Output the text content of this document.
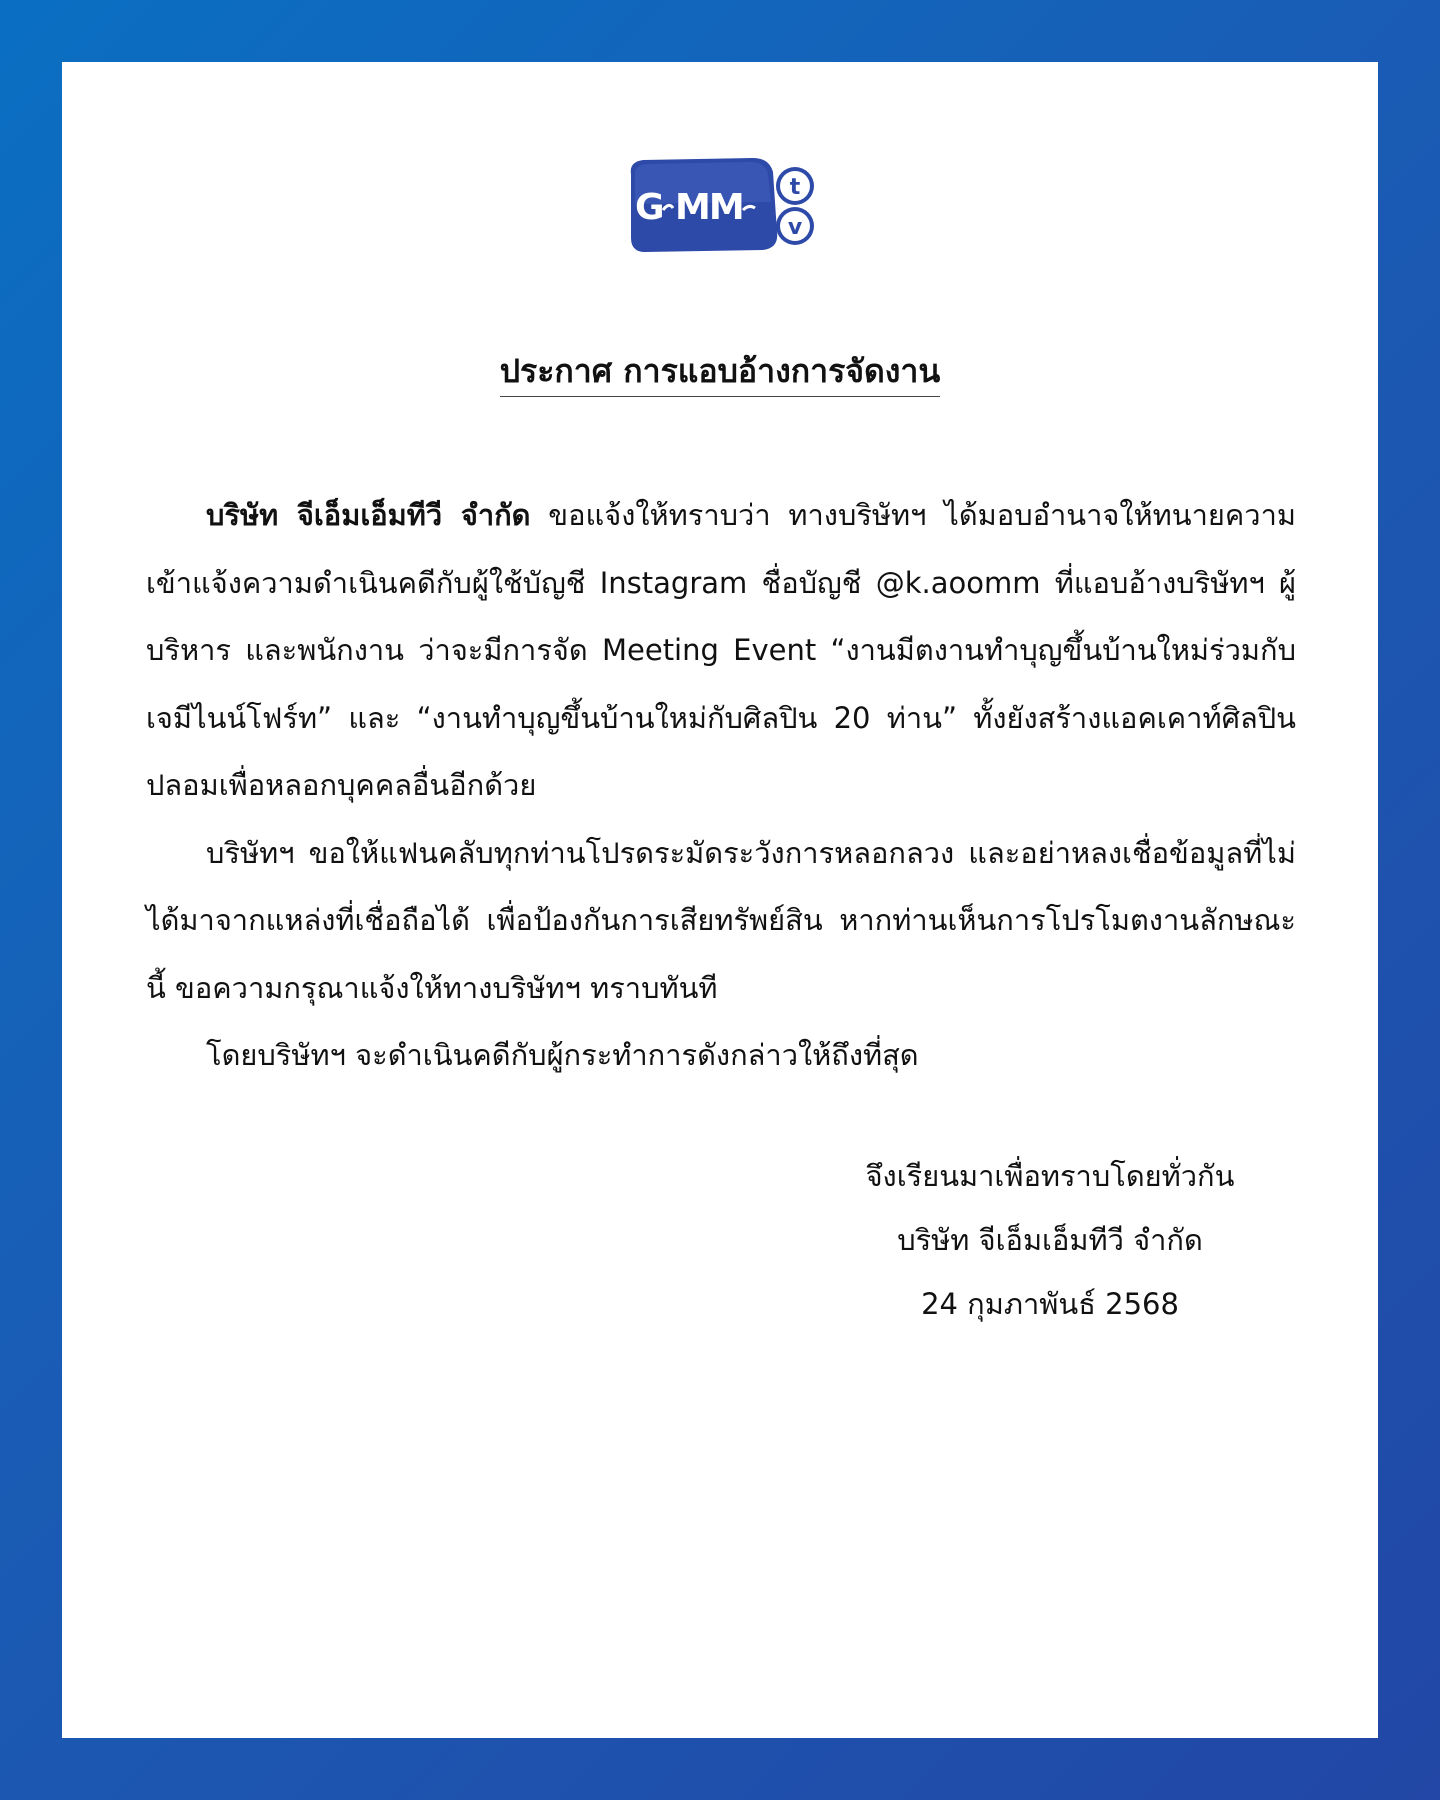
G MM t
v
ประกาศ การแอบอ้างการจัดงาน

บริษัท จีเอ็มเอ็มทีวี จำกัด ขอแจ้งให้ทราบว่า ทางบริษัทฯ ได้มอบอำนาจให้ทนายความ เข้าแจ้งความดำเนินคดีกับผู้ใช้บัญชี Instagram ชื่อบัญชี @k.aoomm ที่แอบอ้างบริษัทฯ ผู้บริหาร และพนักงาน ว่าจะมีการจัด Meeting Event “งานมีตงานทำบุญขึ้นบ้านใหม่ร่วมกับเจมีไนน์โฟร์ท” และ “งานทำบุญขึ้นบ้านใหม่กับศิลปิน 20 ท่าน” ทั้งยังสร้างแอคเคาท์ศิลปินปลอมเพื่อหลอกบุคคลอื่นอีกด้วย

บริษัทฯ ขอให้แฟนคลับทุกท่านโปรดระมัดระวังการหลอกลวง และอย่าหลงเชื่อข้อมูลที่ไม่ได้มาจากแหล่งที่เชื่อถือได้ เพื่อป้องกันการเสียทรัพย์สิน หากท่านเห็นการโปรโมตงานลักษณะนี้ ขอความกรุณาแจ้งให้ทางบริษัทฯ ทราบทันที

โดยบริษัทฯ จะดำเนินคดีกับผู้กระทำการดังกล่าวให้ถึงที่สุด

จึงเรียนมาเพื่อทราบโดยทั่วกัน
บริษัท จีเอ็มเอ็มทีวี จำกัด
24 กุมภาพันธ์ 2568
